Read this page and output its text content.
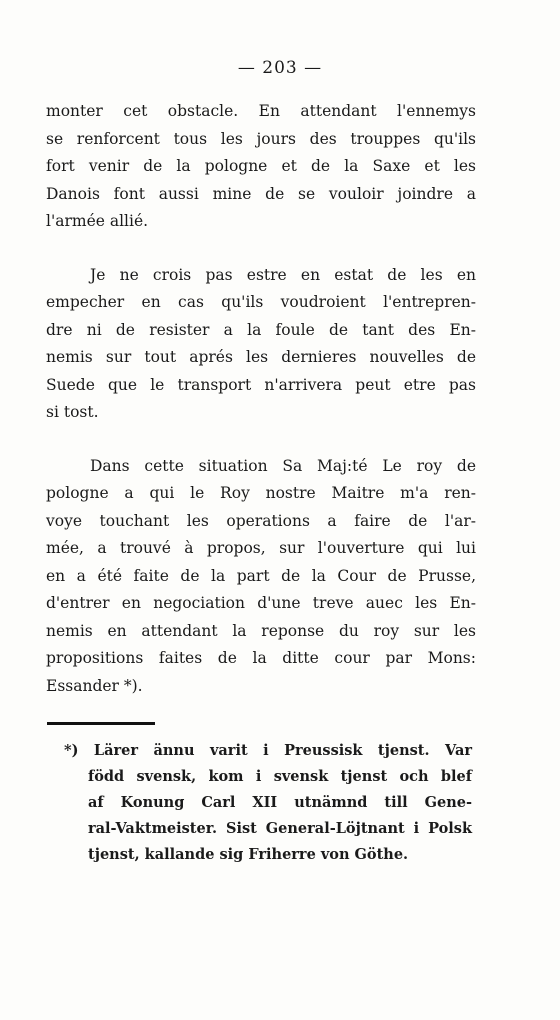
— 203 —
monter cet obstacle. En attendant l'ennemys
se renforcent tous les jours des trouppes qu'ils
fort venir de la pologne et de la Saxe et les
Danois font aussi mine de se vouloir joindre a
l'armée allié.
Je ne crois pas estre en estat de les en
empecher en cas qu'ils voudroient l'entrepren-
dre ni de resister a la foule de tant des En-
nemis sur tout aprés les dernieres nouvelles de
Suede que le transport n'arrivera peut etre pas
si tost.
Dans cette situation Sa Maj:té Le roy de
pologne a qui le Roy nostre Maitre m'a ren-
voye touchant les operations a faire de l'ar-
mée, a trouvé à propos, sur l'ouverture qui lui
en a été faite de la part de la Cour de Prusse,
d'entrer en negociation d'une treve auec les En-
nemis en attendant la reponse du roy sur les
propositions faites de la ditte cour par Mons:
Essander *).
*) Lärer ännu varit i Preussisk tjenst. Var
född svensk, kom i svensk tjenst och blef
af Konung Carl XII utnämnd till Gene-
ral-Vaktmeister. Sist General-Löjtnant i Polsk
tjenst, kallande sig Friherre von Göthe.
